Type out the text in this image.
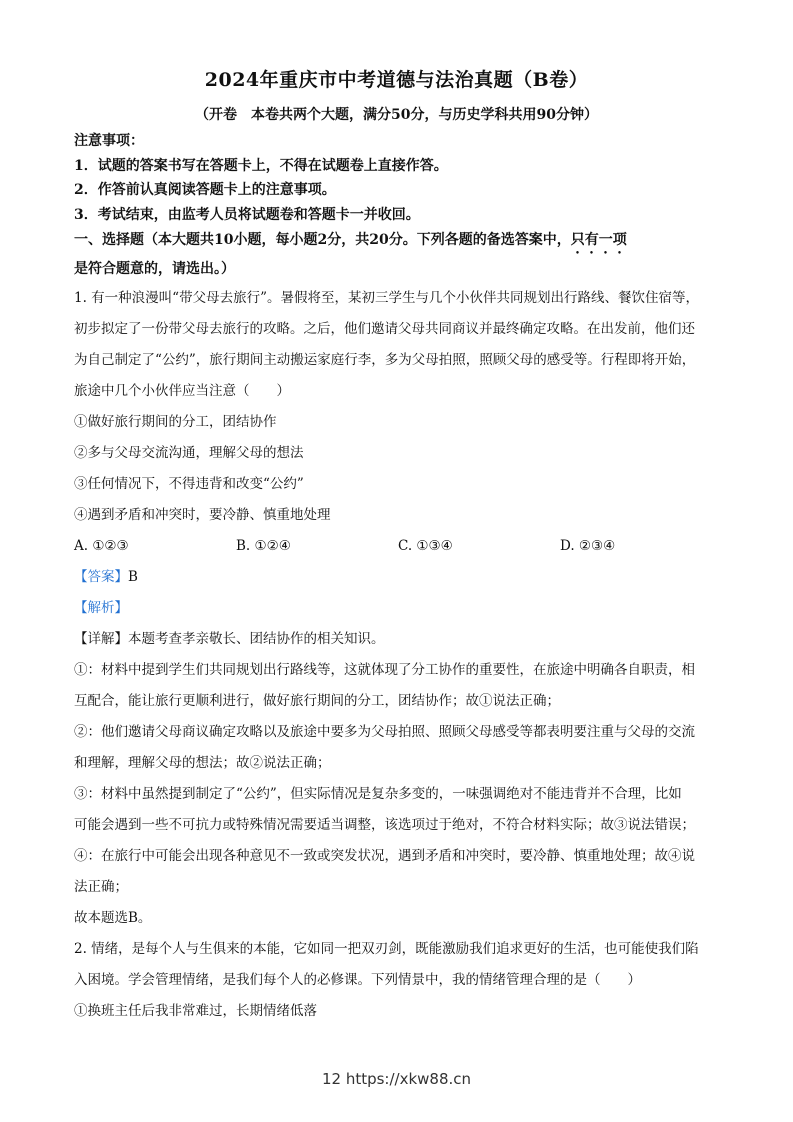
2024年重庆市中考道德与法治真题（B卷）
（开卷　本卷共两个大题，满分50分，与历史学科共用90分钟）
注意事项：
1．试题的答案书写在答题卡上，不得在试题卷上直接作答。
2．作答前认真阅读答题卡上的注意事项。
3．考试结束，由监考人员将试题卷和答题卡一并收回。
一、选择题（本大题共10小题，每小题2分，共20分。下列各题的备选答案中，只有一项
是符合题意的，请选出。）
1. 有一种浪漫叫“带父母去旅行”。暑假将至，某初三学生与几个小伙伴共同规划出行路线、餐饮住宿等，
初步拟定了一份带父母去旅行的攻略。之后，他们邀请父母共同商议并最终确定攻略。在出发前，他们还
为自己制定了“公约”，旅行期间主动搬运家庭行李，多为父母拍照，照顾父母的感受等。行程即将开始，
旅途中几个小伙伴应当注意（　　）
①做好旅行期间的分工，团结协作
②多与父母交流沟通，理解父母的想法
③任何情况下，不得违背和改变“公约”
④遇到矛盾和冲突时，要冷静、慎重地处理
A. ①②③	B. ①②④	C. ①③④	D. ②③④
【答案】B
【解析】
【详解】本题考查孝亲敬长、团结协作的相关知识。
①：材料中提到学生们共同规划出行路线等，这就体现了分工协作的重要性，在旅途中明确各自职责，相
互配合，能让旅行更顺利进行，做好旅行期间的分工，团结协作；故①说法正确；
②：他们邀请父母商议确定攻略以及旅途中要多为父母拍照、照顾父母感受等都表明要注重与父母的交流
和理解，理解父母的想法；故②说法正确；
③：材料中虽然提到制定了“公约”，但实际情况是复杂多变的，一味强调绝对不能违背并不合理，比如
可能会遇到一些不可抗力或特殊情况需要适当调整，该选项过于绝对，不符合材料实际；故③说法错误；
④：在旅行中可能会出现各种意见不一致或突发状况，遇到矛盾和冲突时，要冷静、慎重地处理；故④说
法正确；
故本题选B。
2. 情绪，是每个人与生俱来的本能，它如同一把双刃剑，既能激励我们追求更好的生活，也可能使我们陷
入困境。学会管理情绪，是我们每个人的必修课。下列情景中，我的情绪管理合理的是（　　）
①换班主任后我非常难过，长期情绪低落
12 https://xkw88.cn
